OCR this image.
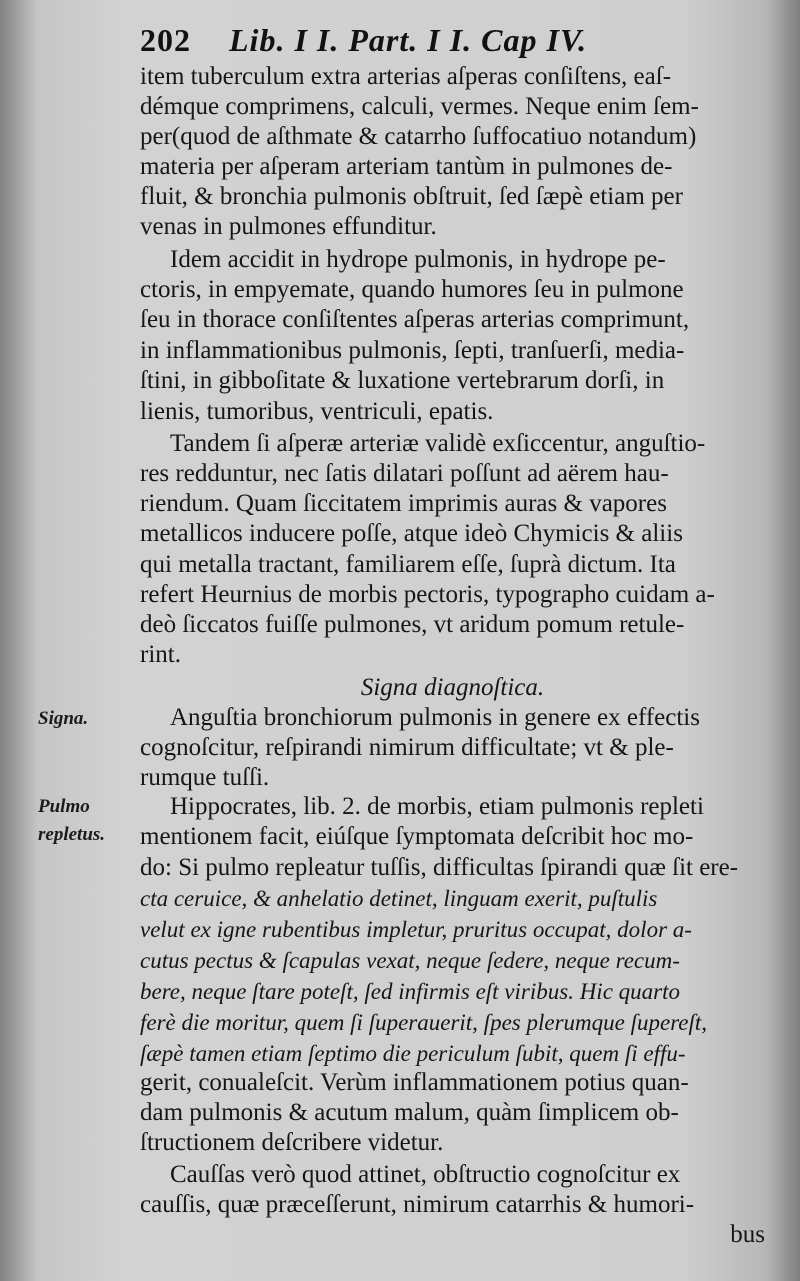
202 Lib. I I. Part. I I. Cap IV.
item tuberculum extra arterias aſperas conſiſtens, eaſ-
démque comprimens, calculi, vermes. Neque enim ſem-
per(quod de aſthmate & catarrho ſuffocatiuo notandum)
materia per aſperam arteriam tantùm in pulmones de-
fluit, & bronchia pulmonis obſtruit, ſed ſæpè etiam per
venas in pulmones effunditur.
Idem accidit in hydrope pulmonis, in hydrope pe-
ctoris, in empyemate, quando humores ſeu in pulmone
ſeu in thorace conſiſtentes aſperas arterias comprimunt,
in inflammationibus pulmonis, ſepti, tranſuerſi, media-
ſtini, in gibboſitate & luxatione vertebrarum dorſi, in
lienis, tumoribus, ventriculi, epatis.
Tandem ſi aſperæ arteriæ validè exſiccentur, anguſtio-
res redduntur, nec ſatis dilatari poſſunt ad aërem hau-
riendum. Quam ſiccitatem imprimis auras & vapores
metallicos inducere poſſe, atque ideò Chymicis & aliis
qui metalla tractant, familiarem eſſe, ſuprà dictum. Ita
refert Heurnius de morbis pectoris, typographo cuidam a-
deò ſiccatos fuiſſe pulmones, vt aridum pomum retule-
rint.
Signa diagnoſtica.
Signa.	Anguſtia bronchiorum pulmonis in genere ex effectis
cognoſcitur, reſpirandi nimirum difficultate; vt & ple-
rumque tuſſi.
Pulmo
repletus.
Hippocrates, lib. 2. de morbis, etiam pulmonis repleti
mentionem facit, eiúſque ſymptomata deſcribit hoc mo-
do: Si pulmo repleatur tuſſis, difficultas ſpirandi quæ ſit ere-
cta ceruice, & anhelatio detinet, linguam exerit, puſtulis
velut ex igne rubentibus impletur, pruritus occupat, dolor a-
cutus pectus & ſcapulas vexat, neque ſedere, neque recum-
bere, neque ſtare poteſt, ſed infirmis eſt viribus. Hic quarto
ferè die moritur, quem ſi ſuperauerit, ſpes plerumque ſupereſt,
ſæpè tamen etiam ſeptimo die periculum ſubit, quem ſi effu-
gerit, conualeſcit. Verùm inflammationem potius quan-
dam pulmonis & acutum malum, quàm ſimplicem ob-
ſtructionem deſcribere videtur.
Cauſſas verò quod attinet, obſtructio cognoſcitur ex
cauſſis, quæ præceſſerunt, nimirum catarrhis & humori-
bus
